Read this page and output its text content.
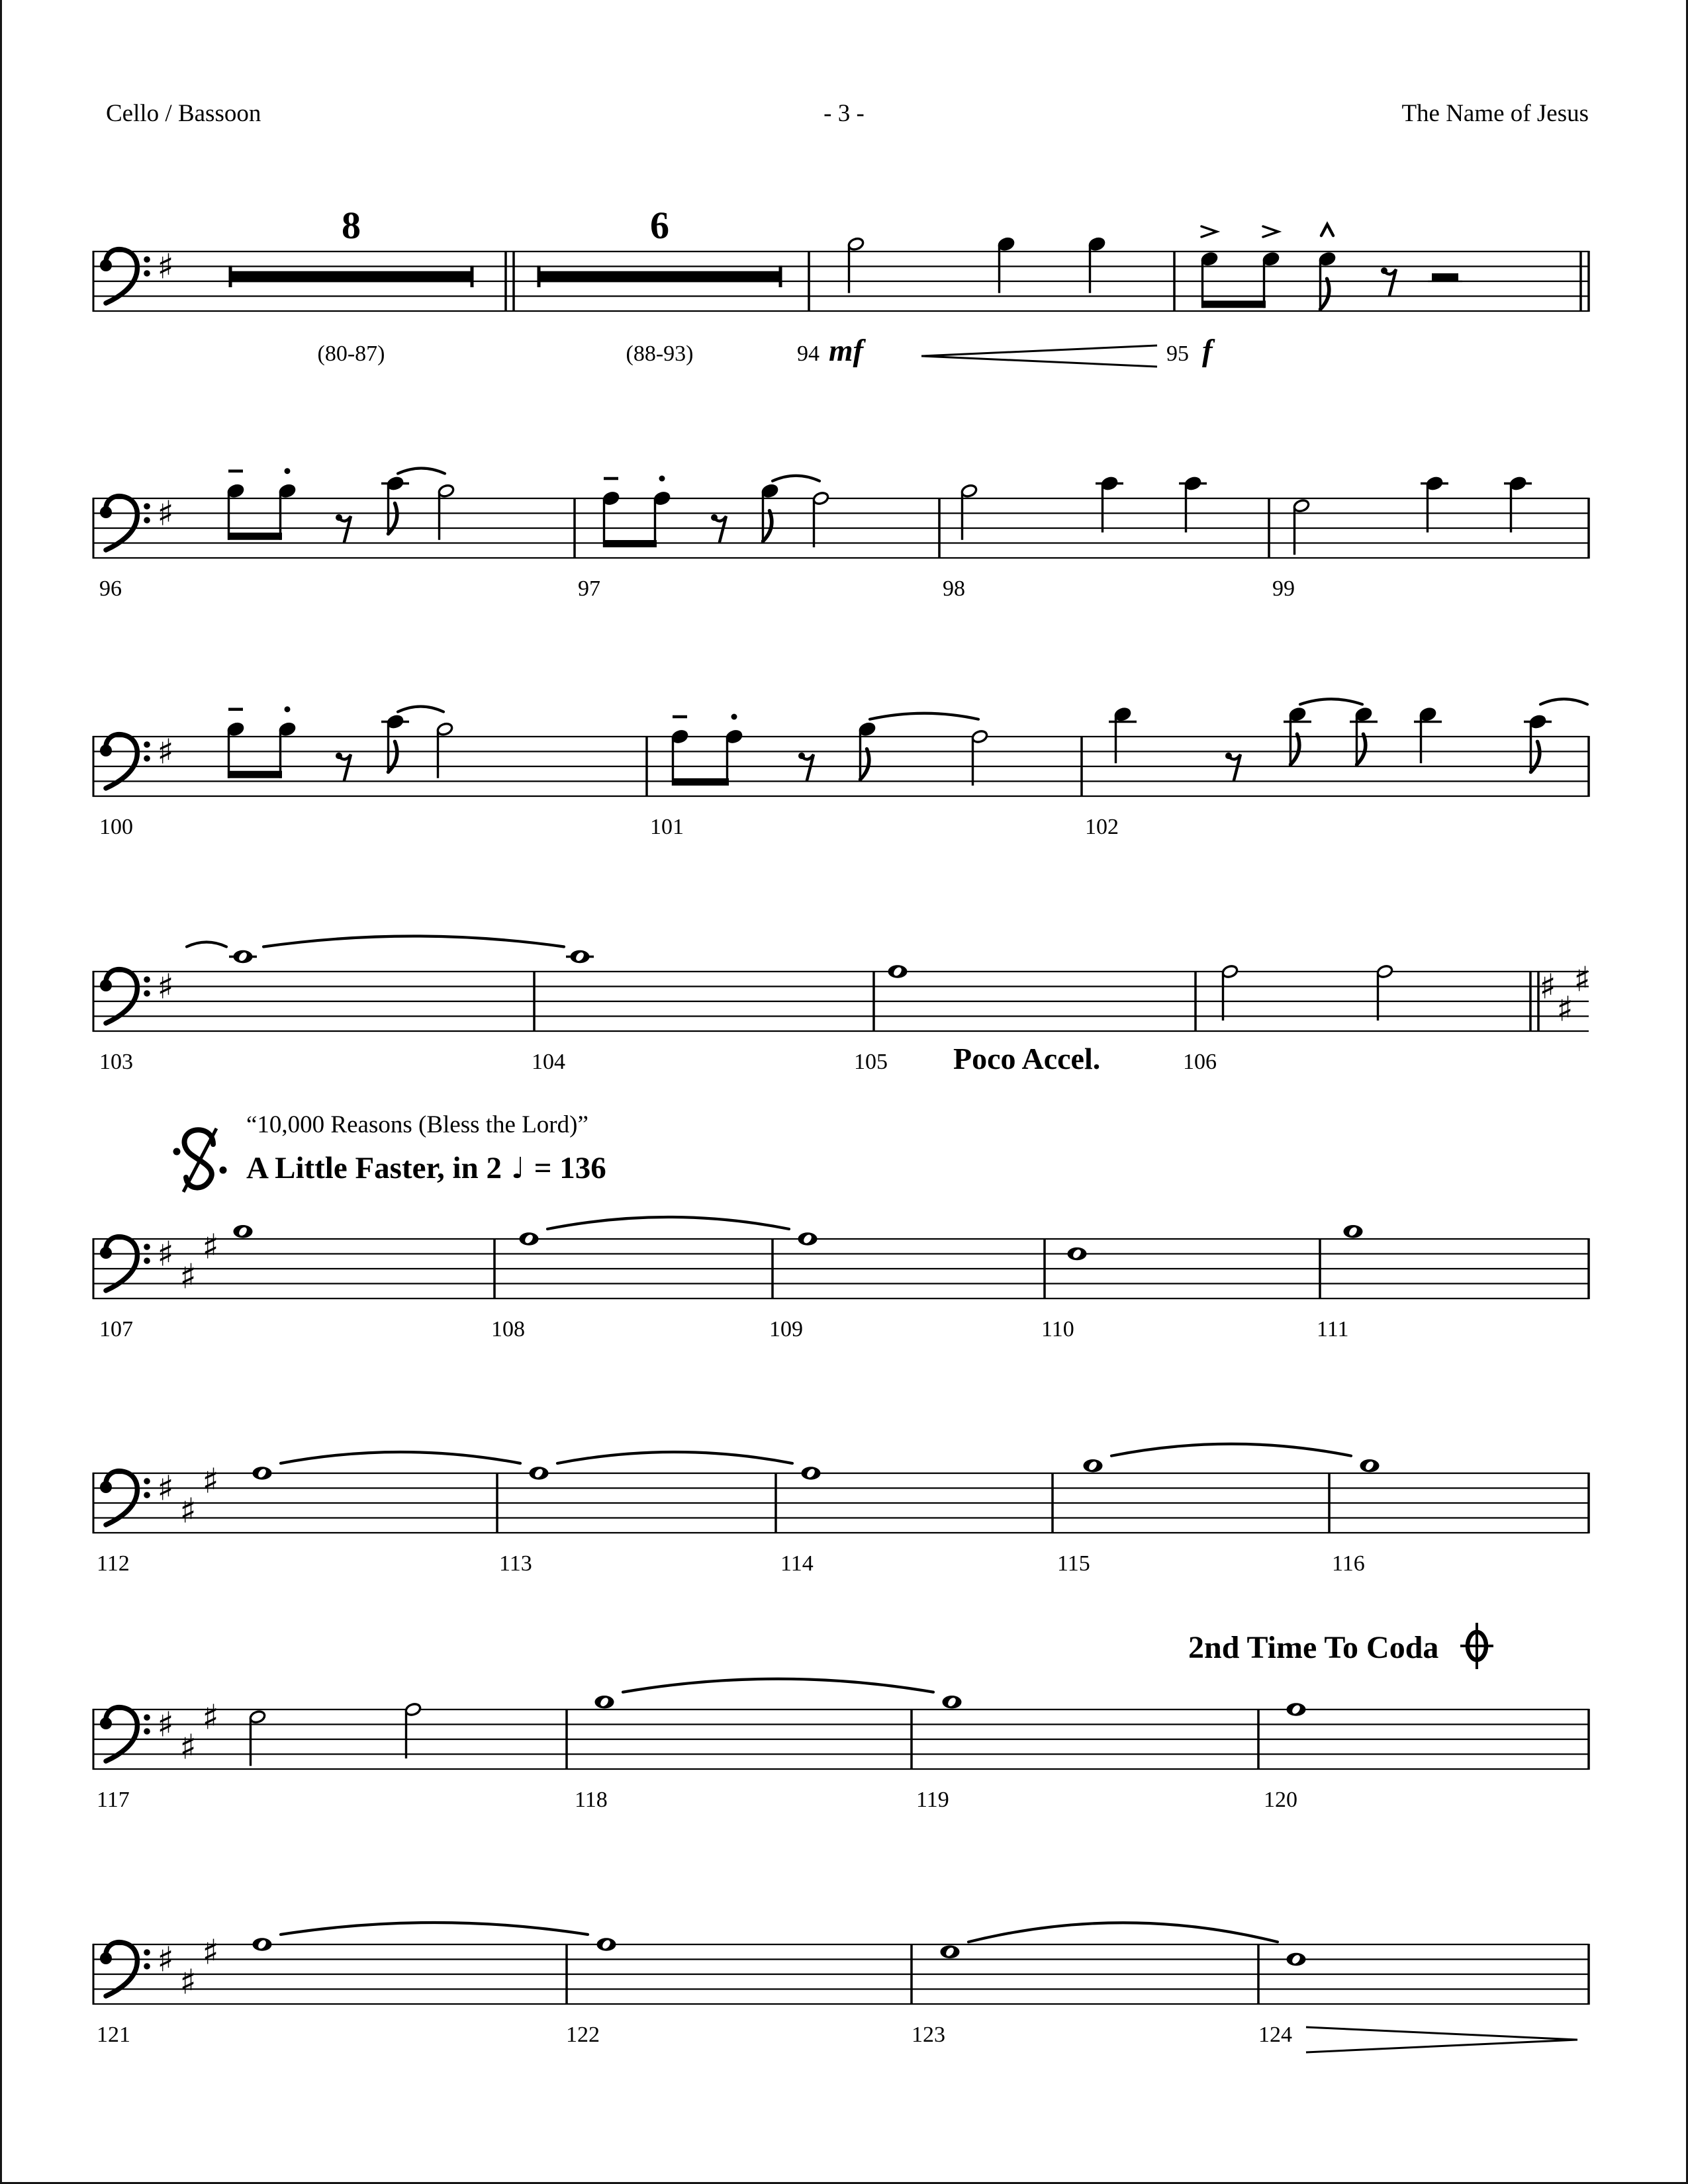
Cello / Bassoon	- 3 -	The Name of Jesus
♯
8
(80-87)
6
(88-93)	94 mf	95 f
♯
96	97	98	99
♯
100	101	102
♯	♯
♯
♯
103	104	105 Poco Accel.	106
♯
♯
♯
107	108	109	110	111
♯
♯
♯
112	113	114	115	116
♯
♯
♯
117	118	119	120
♯
♯
♯
121	122	123	124
“10,000 Reasons (Bless the Lord)”
A Little Faster, in 2 ♩ = 136
2nd Time To Coda
